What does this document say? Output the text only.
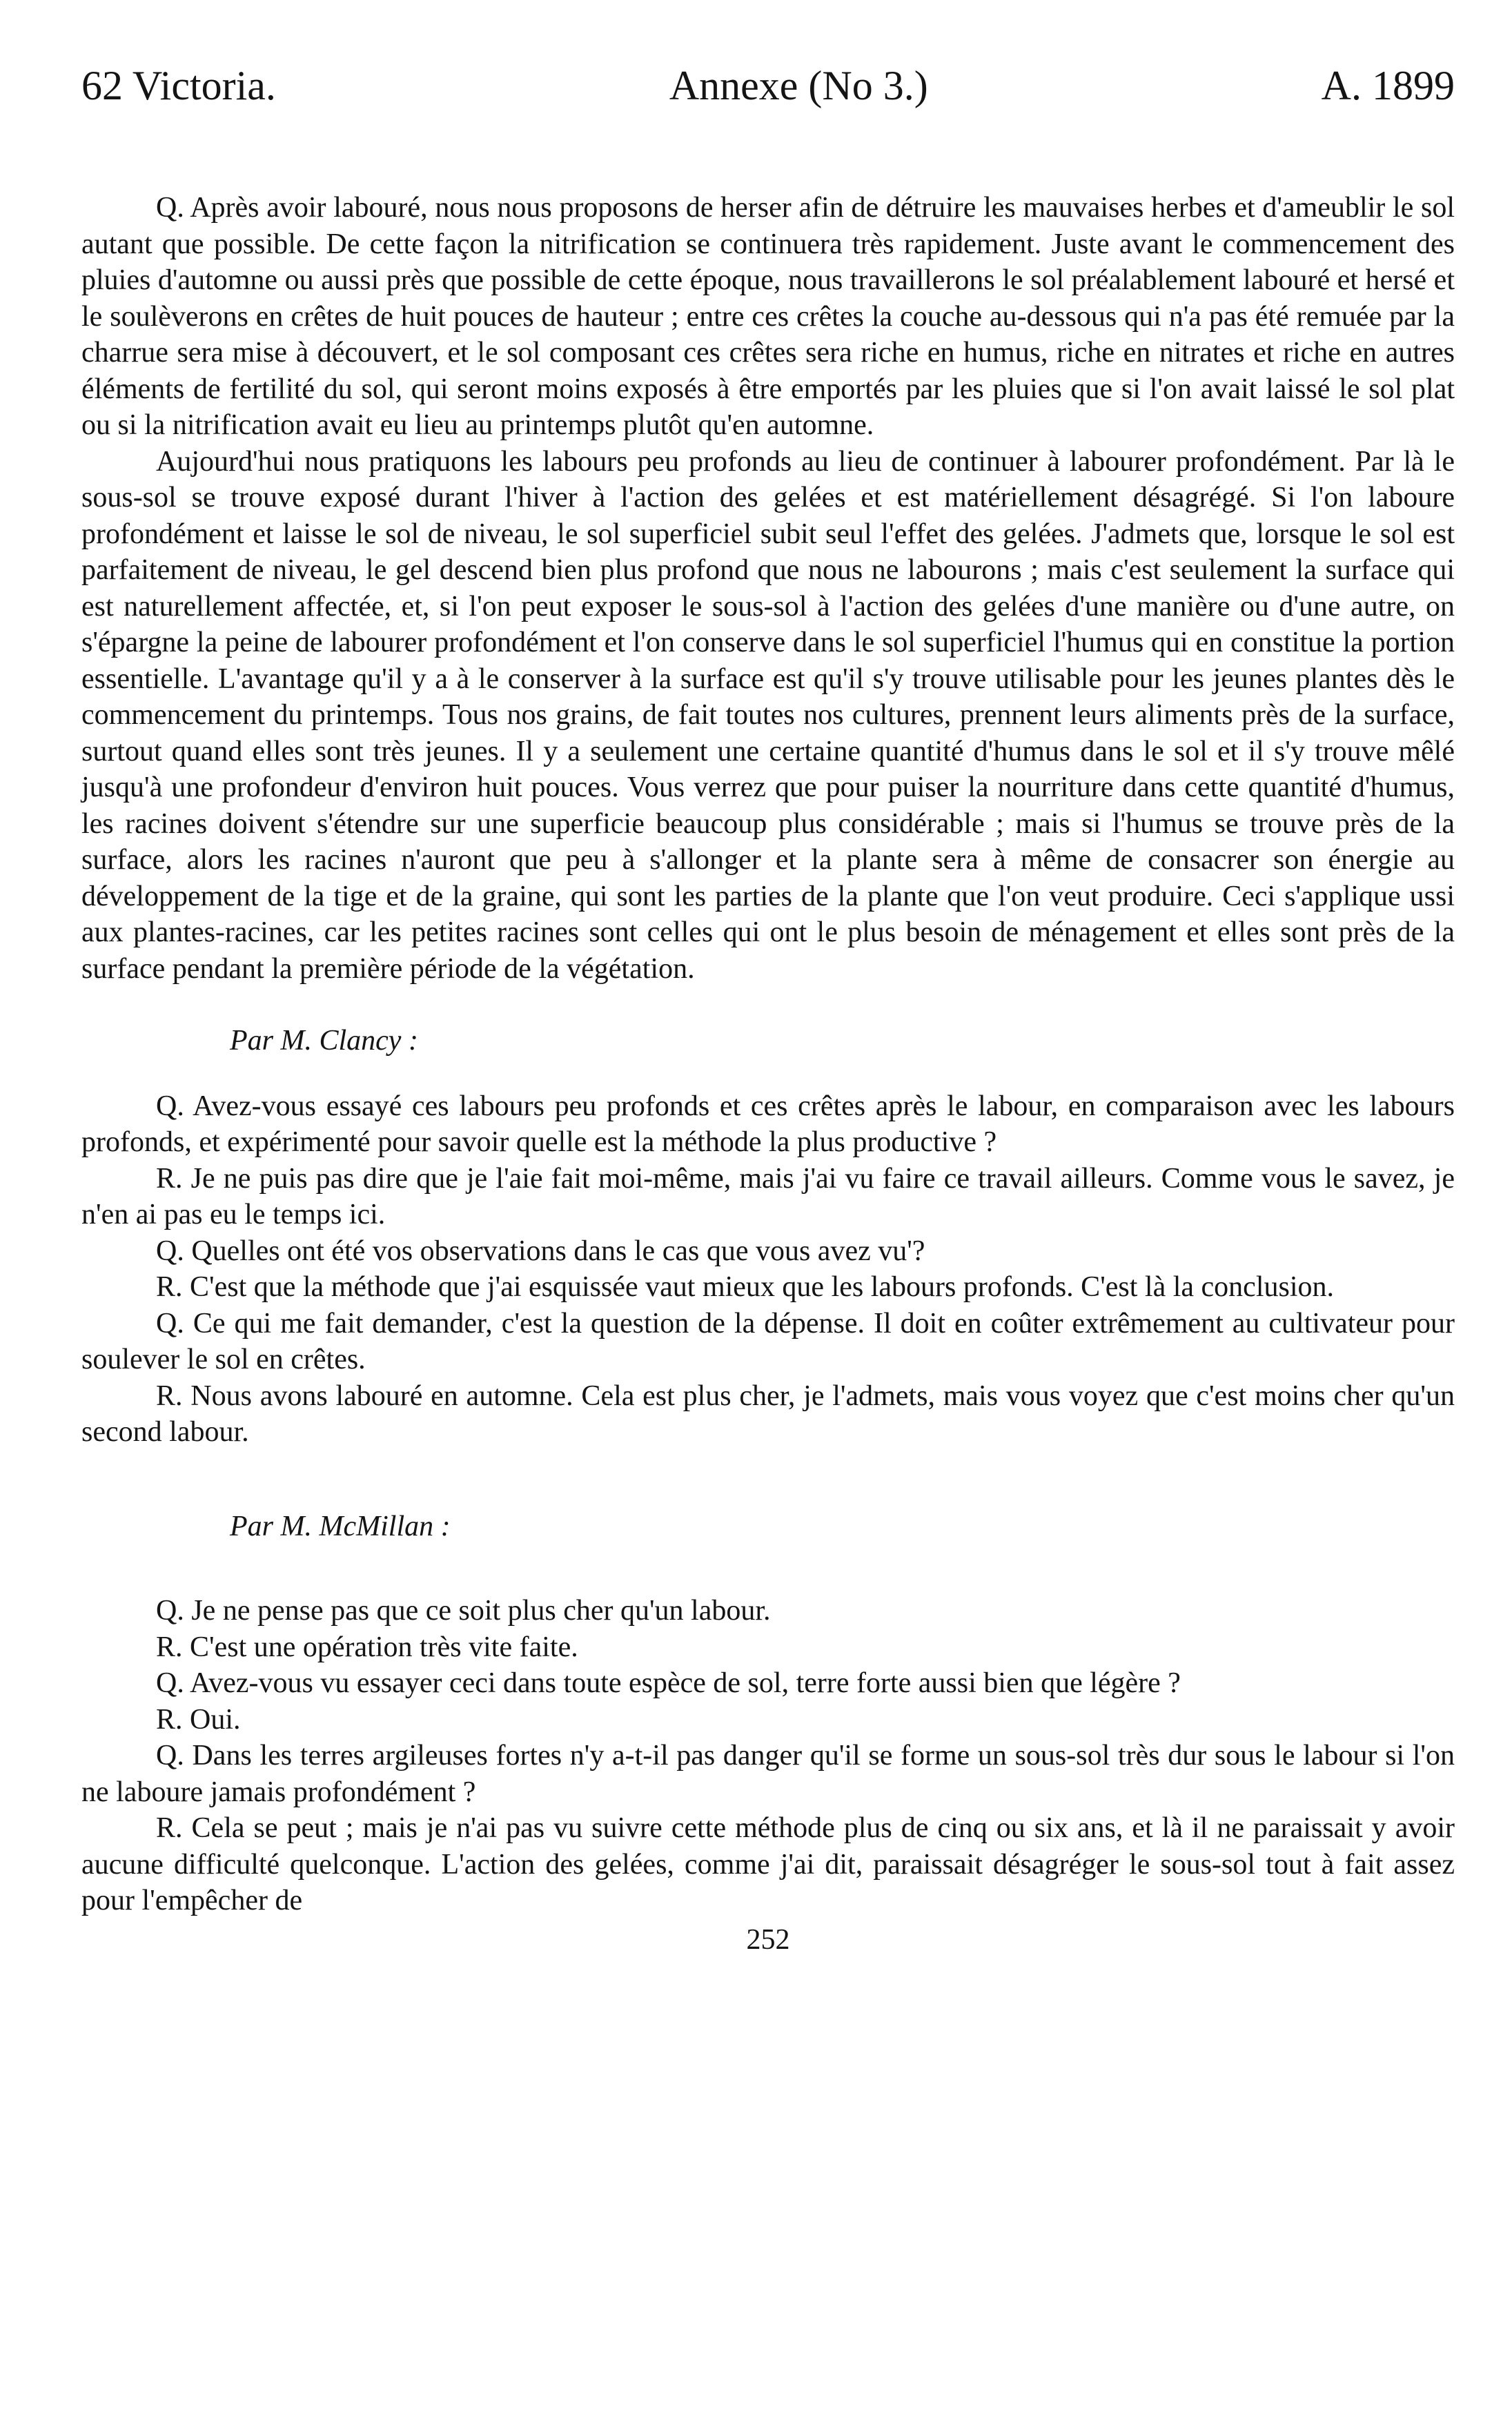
62 Victoria.	Annexe (No 3.)	A. 1899

Q. Après avoir labouré, nous nous proposons de herser afin de détruire les mauvaises herbes et d'ameublir le sol autant que possible. De cette façon la nitrification se continuera très rapidement. Juste avant le commencement des pluies d'automne ou aussi près que possible de cette époque, nous travaillerons le sol préalablement labouré et hersé et le soulèverons en crêtes de huit pouces de hauteur ; entre ces crêtes la couche au-dessous qui n'a pas été remuée par la charrue sera mise à découvert, et le sol composant ces crêtes sera riche en humus, riche en nitrates et riche en autres éléments de fertilité du sol, qui seront moins exposés à être emportés par les pluies que si l'on avait laissé le sol plat ou si la nitrification avait eu lieu au printemps plutôt qu'en automne.

Aujourd'hui nous pratiquons les labours peu profonds au lieu de continuer à labourer profondément. Par là le sous-sol se trouve exposé durant l'hiver à l'action des gelées et est matériellement désagrégé. Si l'on laboure profondément et laisse le sol de niveau, le sol superficiel subit seul l'effet des gelées. J'admets que, lorsque le sol est parfaitement de niveau, le gel descend bien plus profond que nous ne labourons ; mais c'est seulement la surface qui est naturellement affectée, et, si l'on peut exposer le sous-sol à l'action des gelées d'une manière ou d'une autre, on s'épargne la peine de labourer profondément et l'on conserve dans le sol superficiel l'humus qui en constitue la portion essentielle. L'avantage qu'il y a à le conserver à la surface est qu'il s'y trouve utilisable pour les jeunes plantes dès le commencement du printemps. Tous nos grains, de fait toutes nos cultures, prennent leurs aliments près de la surface, surtout quand elles sont très jeunes. Il y a seulement une certaine quantité d'humus dans le sol et il s'y trouve mêlé jusqu'à une profondeur d'environ huit pouces. Vous verrez que pour puiser la nourriture dans cette quantité d'humus, les racines doivent s'étendre sur une superficie beaucoup plus considérable ; mais si l'humus se trouve près de la surface, alors les racines n'auront que peu à s'allonger et la plante sera à même de consacrer son énergie au développement de la tige et de la graine, qui sont les parties de la plante que l'on veut produire. Ceci s'applique ussi aux plantes-racines, car les petites racines sont celles qui ont le plus besoin de ménagement et elles sont près de la surface pendant la première période de la végétation.

Par M. Clancy :

Q. Avez-vous essayé ces labours peu profonds et ces crêtes après le labour, en comparaison avec les labours profonds, et expérimenté pour savoir quelle est la méthode la plus productive ?

R. Je ne puis pas dire que je l'aie fait moi-même, mais j'ai vu faire ce travail ailleurs. Comme vous le savez, je n'en ai pas eu le temps ici.

Q. Quelles ont été vos observations dans le cas que vous avez vu'?

R. C'est que la méthode que j'ai esquissée vaut mieux que les labours profonds. C'est là la conclusion.

Q. Ce qui me fait demander, c'est la question de la dépense. Il doit en coûter extrêmement au cultivateur pour soulever le sol en crêtes.

R. Nous avons labouré en automne. Cela est plus cher, je l'admets, mais vous voyez que c'est moins cher qu'un second labour.

Par M. McMillan :

Q. Je ne pense pas que ce soit plus cher qu'un labour.

R. C'est une opération très vite faite.

Q. Avez-vous vu essayer ceci dans toute espèce de sol, terre forte aussi bien que légère ?

R. Oui.

Q. Dans les terres argileuses fortes n'y a-t-il pas danger qu'il se forme un sous-sol très dur sous le labour si l'on ne laboure jamais profondément ?

R. Cela se peut ; mais je n'ai pas vu suivre cette méthode plus de cinq ou six ans, et là il ne paraissait y avoir aucune difficulté quelconque. L'action des gelées, comme j'ai dit, paraissait désagréger le sous-sol tout à fait assez pour l'empêcher de

252
